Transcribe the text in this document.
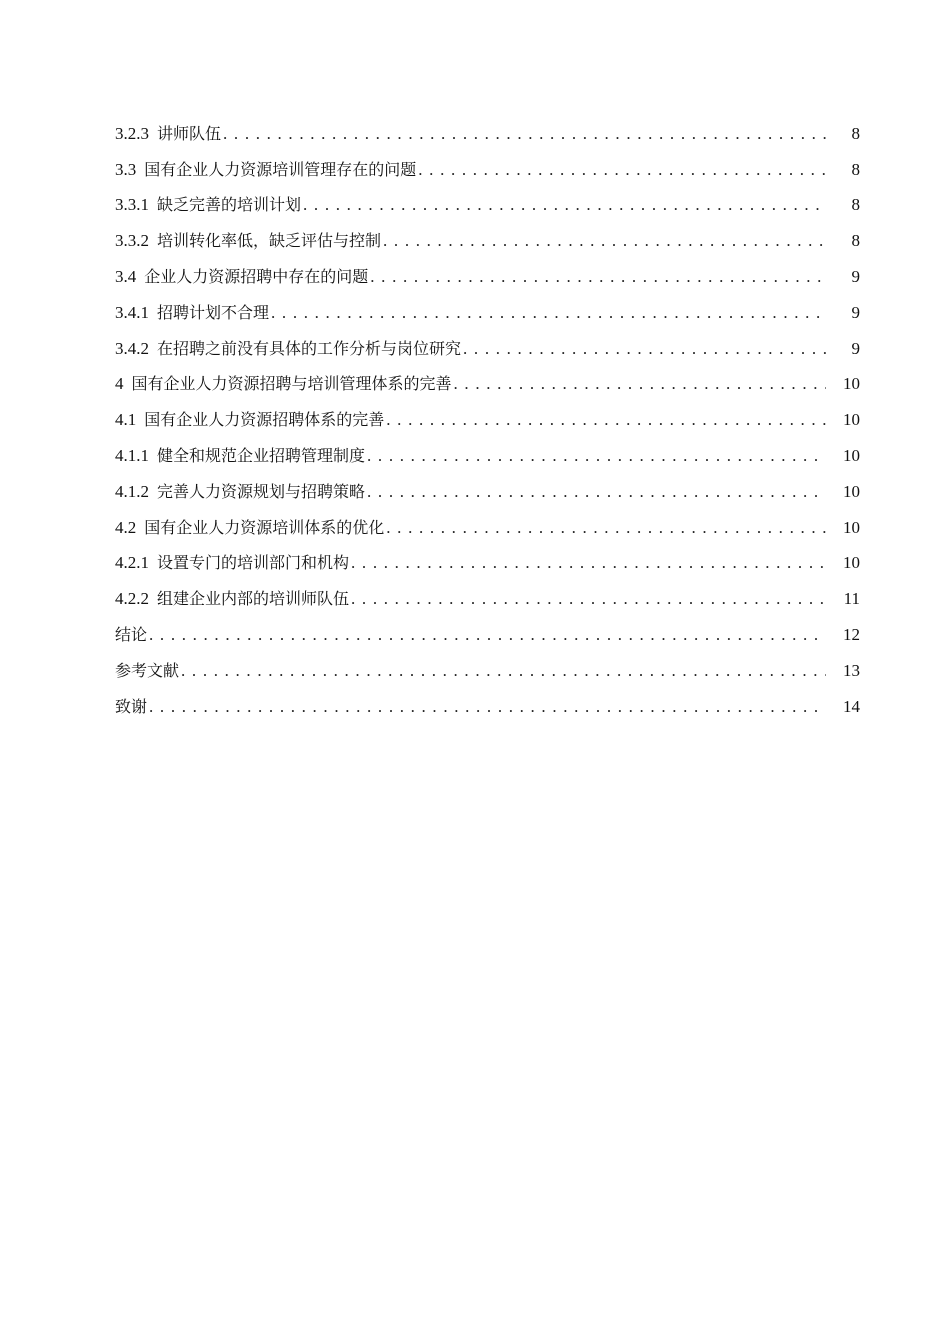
3.2.3 讲师队伍 . . .	8
3.3 国有企业人力资源培训管理存在的问题 . . .	8
3.3.1 缺乏完善的培训计划 . . .	8
3.3.2 培训转化率低，缺乏评估与控制 . . .	8
3.4 企业人力资源招聘中存在的问题 . . .	9
3.4.1 招聘计划不合理 . . .	9
3.4.2 在招聘之前没有具体的工作分析与岗位研究 . . .	9
4 国有企业人力资源招聘与培训管理体系的完善 . . .	10
4.1 国有企业人力资源招聘体系的完善 . . .	10
4.1.1 健全和规范企业招聘管理制度 . . .	10
4.1.2 完善人力资源规划与招聘策略 . . .	10
4.2 国有企业人力资源培训体系的优化 . . .	10
4.2.1 设置专门的培训部门和机构 . . .	10
4.2.2 组建企业内部的培训师队伍 . . .	11
结论 . . .	12
参考文献 . . .	13
致谢 . . .	14
